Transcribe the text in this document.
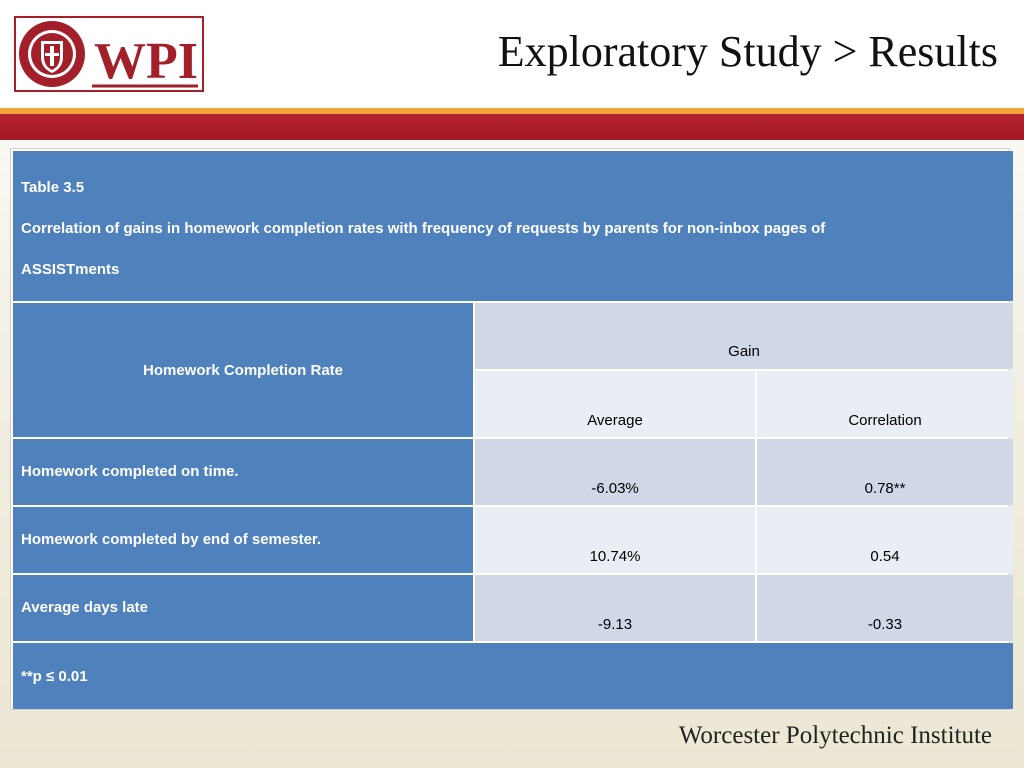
WPI	Exploratory Study > Results
Table 3.5
Correlation of gains in homework completion rates with frequency of requests by parents for non-inbox pages of
ASSISTments		

Homework Completion Rate	Gain	
	Average	Correlation
Homework completed on time.	-6.03%	0.78**
Homework completed by end of semester.	10.74%	0.54
Average days late	-9.13	-0.33
**p ≤ 0.01		
Worcester Polytechnic Institute
